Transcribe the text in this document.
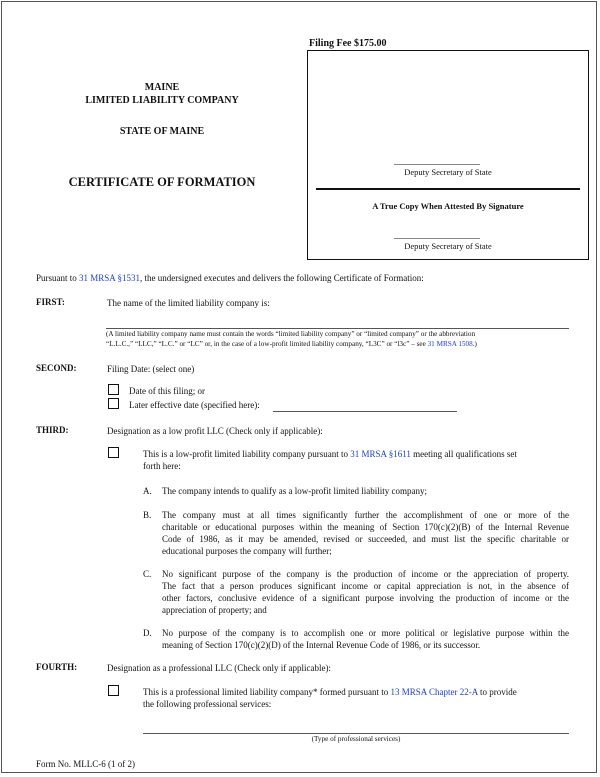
Filing Fee $175.00
Deputy Secretary of State
A True Copy When Attested By Signature
Deputy Secretary of State
MAINE
LIMITED LIABILITY COMPANY
STATE OF MAINE
CERTIFICATE OF FORMATION
Pursuant to 31 MRSA §1531, the undersigned executes and delivers the following Certificate of Formation:
FIRST:	The name of the limited liability company is:
(A limited liability company name must contain the words “limited liability company” or “limited company” or the abbreviation
“L.L.C.,” “LLC,” “L.C.” or “LC” or, in the case of a low-profit limited liability company, “L3C” or “l3c” – see 31 MRSA 1508.)
SECOND:	Filing Date: (select one)
Date of this filing; or
Later effective date (specified here):
THIRD:	Designation as a low profit LLC (Check only if applicable):
This is a low-profit limited liability company pursuant to 31 MRSA §1611 meeting all qualifications set
forth here:
A. The company intends to qualify as a low-profit limited liability company;
B. The company must at all times significantly further the accomplishment of one or more of the
charitable or educational purposes within the meaning of Section 170(c)(2)(B) of the Internal Revenue
Code of 1986, as it may be amended, revised or succeeded, and must list the specific charitable or
educational purposes the company will further;
C. No significant purpose of the company is the production of income or the appreciation of property.
The fact that a person produces significant income or capital appreciation is not, in the absence of
other factors, conclusive evidence of a significant purpose involving the production of income or the
appreciation of property; and
D. No purpose of the company is to accomplish one or more political or legislative purpose within the
meaning of Section 170(c)(2)(D) of the Internal Revenue Code of 1986, or its successor.
FOURTH:	Designation as a professional LLC (Check only if applicable):
This is a professional limited liability company* formed pursuant to 13 MRSA Chapter 22-A to provide
the following professional services:
(Type of professional services)
Form No. MLLC-6 (1 of 2)
